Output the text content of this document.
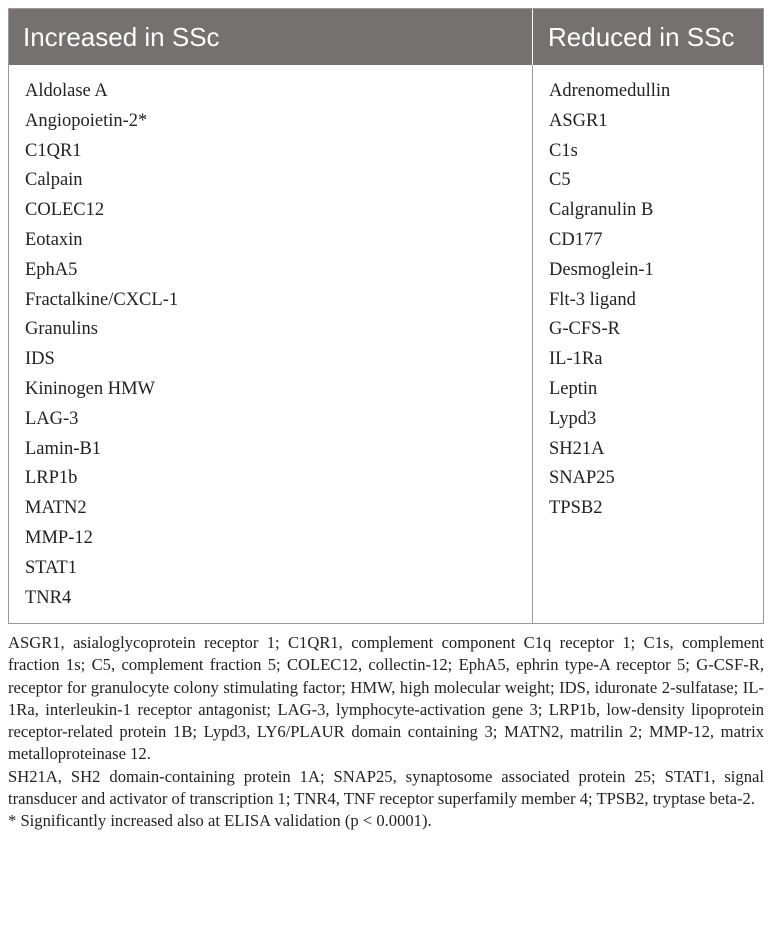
Increased in SSc	Reduced in SSc
Aldolase A
Angiopoietin-2*
C1QR1
Calpain
COLEC12
Eotaxin
EphA5
Fractalkine/CXCL-1
Granulins
IDS
Kininogen HMW
LAG-3
Lamin-B1
LRP1b
MATN2
MMP-12
STAT1
TNR4
Adrenomedullin
ASGR1
C1s
C5
Calgranulin B
CD177
Desmoglein-1
Flt-3 ligand
G-CFS-R
IL-1Ra
Leptin
Lypd3
SH21A
SNAP25
TPSB2

ASGR1, asialoglycoprotein receptor 1; C1QR1, complement component C1q receptor 1; C1s, complement fraction 1s; C5, complement fraction 5; COLEC12, collectin-12; EphA5, ephrin type-A receptor 5; G-CSF-R, receptor for granulocyte colony stimulating factor; HMW, high molecular weight; IDS, iduronate 2-sulfatase; IL-1Ra, interleukin-1 receptor antagonist; LAG-3, lymphocyte-activation gene 3; LRP1b, low-density lipoprotein receptor-related protein 1B; Lypd3, LY6/PLAUR domain containing 3; MATN2, matrilin 2; MMP-12, matrix metalloproteinase 12.

SH21A, SH2 domain-containing protein 1A; SNAP25, synaptosome associated protein 25; STAT1, signal transducer and activator of transcription 1; TNR4, TNF receptor superfamily member 4; TPSB2, tryptase beta-2.

* Significantly increased also at ELISA validation (p < 0.0001).
